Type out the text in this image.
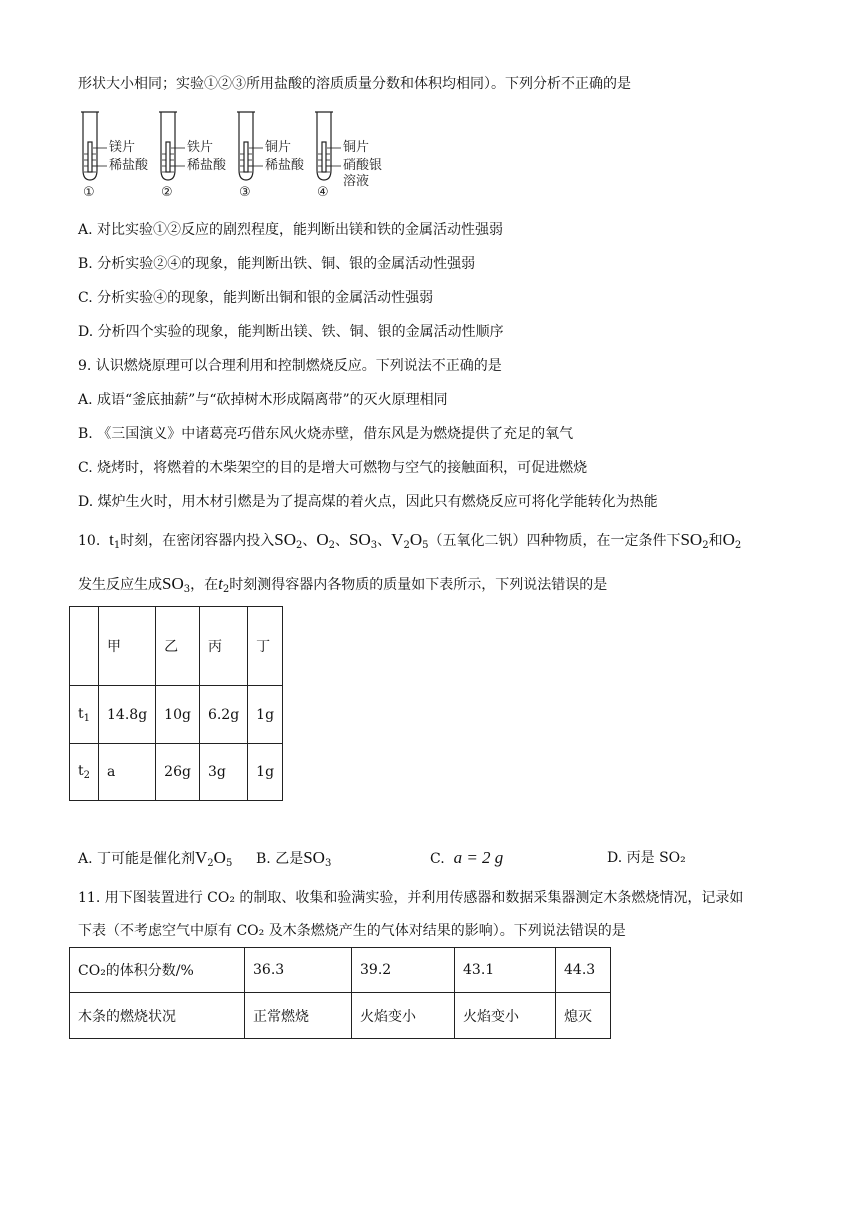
形状大小相同；实验①②③所用盐酸的溶质质量分数和体积均相同）。下列分析不正确的是
镁片
稀盐酸
①
铁片
稀盐酸
②
铜片
稀盐酸
③
铜片
硝酸银
溶液
④
A. 对比实验①②反应的剧烈程度，能判断出镁和铁的金属活动性强弱
B. 分析实验②④的现象，能判断出铁、铜、银的金属活动性强弱
C. 分析实验④的现象，能判断出铜和银的金属活动性强弱
D. 分析四个实验的现象，能判断出镁、铁、铜、银的金属活动性顺序
9. 认识燃烧原理可以合理利用和控制燃烧反应。下列说法不正确的是
A. 成语“釜底抽薪”与“砍掉树木形成隔离带”的灭火原理相同
B. 《三国演义》中诸葛亮巧借东风火烧赤壁，借东风是为燃烧提供了充足的氧气
C. 烧烤时，将燃着的木柴架空的目的是增大可燃物与空气的接触面积，可促进燃烧
D. 煤炉生火时，用木材引燃是为了提高煤的着火点，因此只有燃烧反应可将化学能转化为热能
10. $t_1$时刻，在密闭容器内投入$SO_2$、$O_2$、$SO_3$、$V_2O_5$（五氧化二钒）四种物质，在一定条件下$SO_2$和$O_2$
发生反应生成$SO_3$，在$t_2$时刻测得容器内各物质的质量如下表所示，下列说法错误的是
	甲	乙	丙	丁
$t_1$	14.8g	10g	6.2g	1g
$t_2$	a	26g	3g	1g
A. 丁可能是催化剂$V_2O_5$ B. 乙是$SO_3$	C. a = 2 g	D. 丙是 SO₂
11. 用下图装置进行 CO₂ 的制取、收集和验满实验，并利用传感器和数据采集器测定木条燃烧情况，记录如
下表（不考虑空气中原有 CO₂ 及木条燃烧产生的气体对结果的影响）。下列说法错误的是
CO₂的体积分数/%	36.3	39.2	43.1	44.3
木条的燃烧状况	正常燃烧	火焰变小	火焰变小	熄灭
